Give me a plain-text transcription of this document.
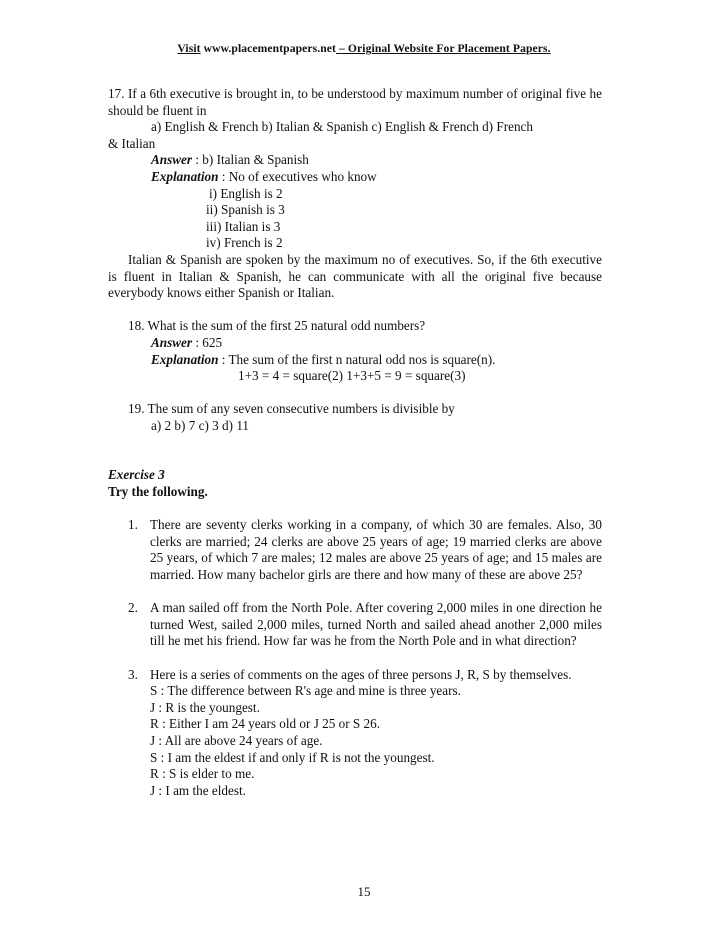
Visit www.placementpapers.net – Original Website For Placement Papers.

17. If a 6th executive is brought in, to be understood by maximum number of original five he should be fluent in

a) English & French b) Italian & Spanish c) English & French d) French

& Italian

Answer : b) Italian & Spanish

Explanation : No of executives who know

i) English is 2

ii) Spanish is 3

iii) Italian is 3

iv) French is 2

Italian & Spanish are spoken by the maximum no of executives. So, if the 6th executive is fluent in Italian & Spanish, he can communicate with all the original five because everybody knows either Spanish or Italian.

18. What is the sum of the first 25 natural odd numbers?

Answer : 625

Explanation : The sum of the first n natural odd nos is square(n).

1+3 = 4 = square(2) 1+3+5 = 9 = square(3)

19. The sum of any seven consecutive numbers is divisible by

a) 2 b) 7 c) 3 d) 11

Exercise 3

Try the following.

1. There are seventy clerks working in a company, of which 30 are females. Also, 30 clerks are married; 24 clerks are above 25 years of age; 19 married clerks are above 25 years, of which 7 are males; 12 males are above 25 years of age; and 15 males are married. How many bachelor girls are there and how many of these are above 25?
2. A man sailed off from the North Pole. After covering 2,000 miles in one direction he turned West, sailed 2,000 miles, turned North and sailed ahead another 2,000 miles till he met his friend. How far was he from the North Pole and in what direction?
3. Here is a series of comments on the ages of three persons J, R, S by themselves.

S : The difference between R's age and mine is three years.

J : R is the youngest.

R : Either I am 24 years old or J 25 or S 26.

J : All are above 24 years of age.

S : I am the eldest if and only if R is not the youngest.

R : S is elder to me.

J : I am the eldest.

15
